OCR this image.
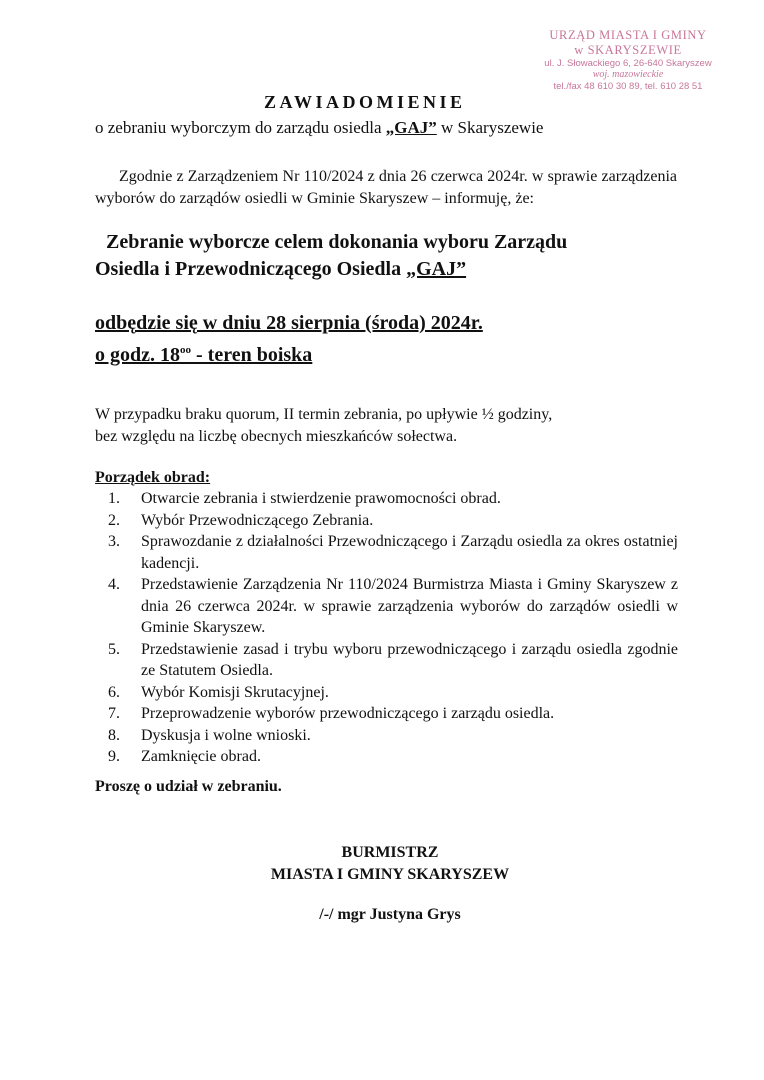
URZĄD MIASTA I GMINY
w SKARYSZEWIE
ul. J. Słowackiego 6, 26-640 Skaryszew
woj. mazowieckie
tel./fax 48 610 30 89, tel. 610 28 51
ZAWIADOMIENIE
o zebraniu wyborczym do zarządu osiedla „GAJ” w Skaryszewie
Zgodnie z Zarządzeniem Nr 110/2024 z dnia 26 czerwca 2024r. w sprawie zarządzenia wyborów do zarządów osiedli w Gminie Skaryszew – informuję, że:
Zebranie wyborcze celem dokonania wyboru Zarządu
Osiedla i Przewodniczącego Osiedla „GAJ”
odbędzie się w dniu 28 sierpnia (środa) 2024r.
o godz. $18^{oo}$ - teren boiska
W przypadku braku quorum, II termin zebrania, po upływie ½ godziny,
bez względu na liczbę obecnych mieszkańców sołectwa.
Porządek obrad:
1.	Otwarcie zebrania i stwierdzenie prawomocności obrad.
2.	Wybór Przewodniczącego Zebrania.
3.	Sprawozdanie z działalności Przewodniczącego i Zarządu osiedla za okres ostatniej kadencji.
4.	Przedstawienie Zarządzenia Nr 110/2024 Burmistrza Miasta i Gminy Skaryszew z dnia 26 czerwca 2024r. w sprawie zarządzenia wyborów do zarządów osiedli w Gminie Skaryszew.
5.	Przedstawienie zasad i trybu wyboru przewodniczącego i zarządu osiedla zgodnie ze Statutem Osiedla.
6.	Wybór Komisji Skrutacyjnej.
7.	Przeprowadzenie wyborów przewodniczącego i zarządu osiedla.
8.	Dyskusja i wolne wnioski.
9.	Zamknięcie obrad.
Proszę o udział w zebraniu.
BURMISTRZ
MIASTA I GMINY SKARYSZEW
/-/ mgr Justyna Grys
